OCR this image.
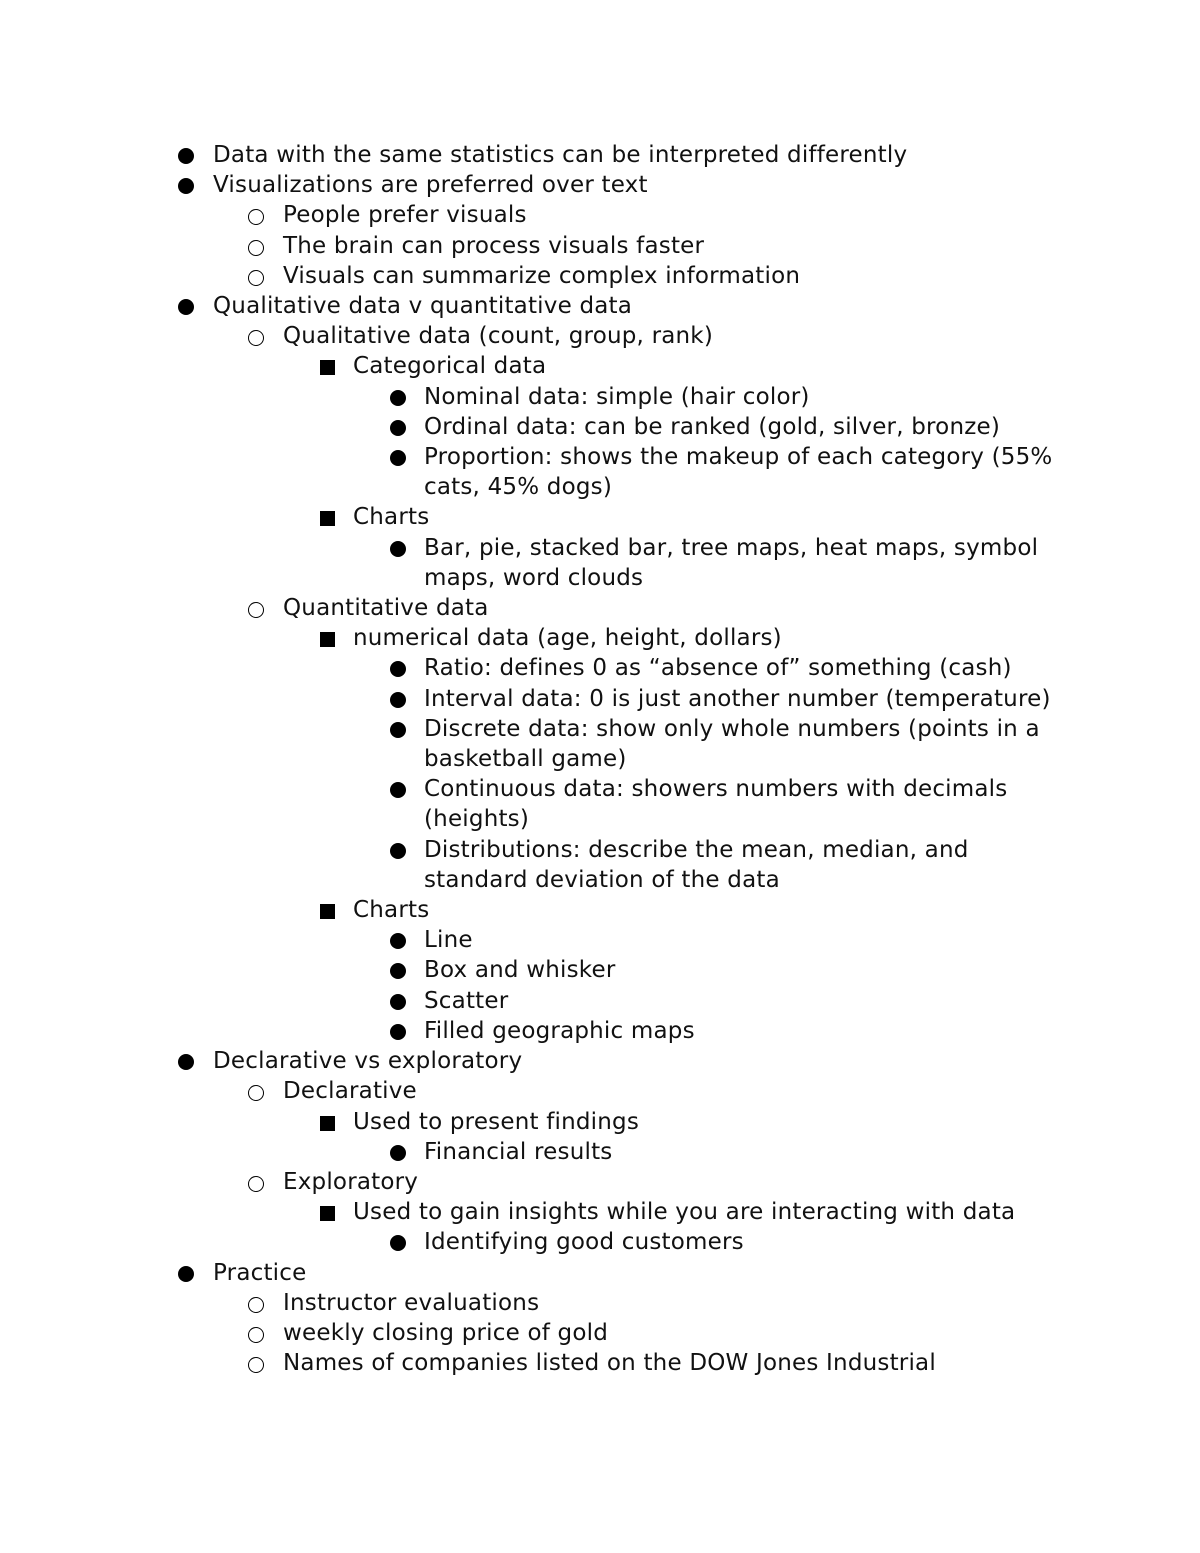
Data with the same statistics can be interpreted differently
Visualizations are preferred over text
People prefer visuals
The brain can process visuals faster
Visuals can summarize complex information
Qualitative data v quantitative data
Qualitative data (count, group, rank)
Categorical data
Nominal data: simple (hair color)
Ordinal data: can be ranked (gold, silver, bronze)
Proportion: shows the makeup of each category (55% cats, 45% dogs)
Charts
Bar, pie, stacked bar, tree maps, heat maps, symbol maps, word clouds
Quantitative data
numerical data (age, height, dollars)
Ratio: defines 0 as “absence of” something (cash)
Interval data: 0 is just another number (temperature)
Discrete data: show only whole numbers (points in a basketball game)
Continuous data: showers numbers with decimals (heights)
Distributions: describe the mean, median, and standard deviation of the data
Charts
Line
Box and whisker
Scatter
Filled geographic maps
Declarative vs exploratory
Declarative
Used to present findings
Financial results
Exploratory
Used to gain insights while you are interacting with data
Identifying good customers
Practice
Instructor evaluations
weekly closing price of gold
Names of companies listed on the DOW Jones Industrial
